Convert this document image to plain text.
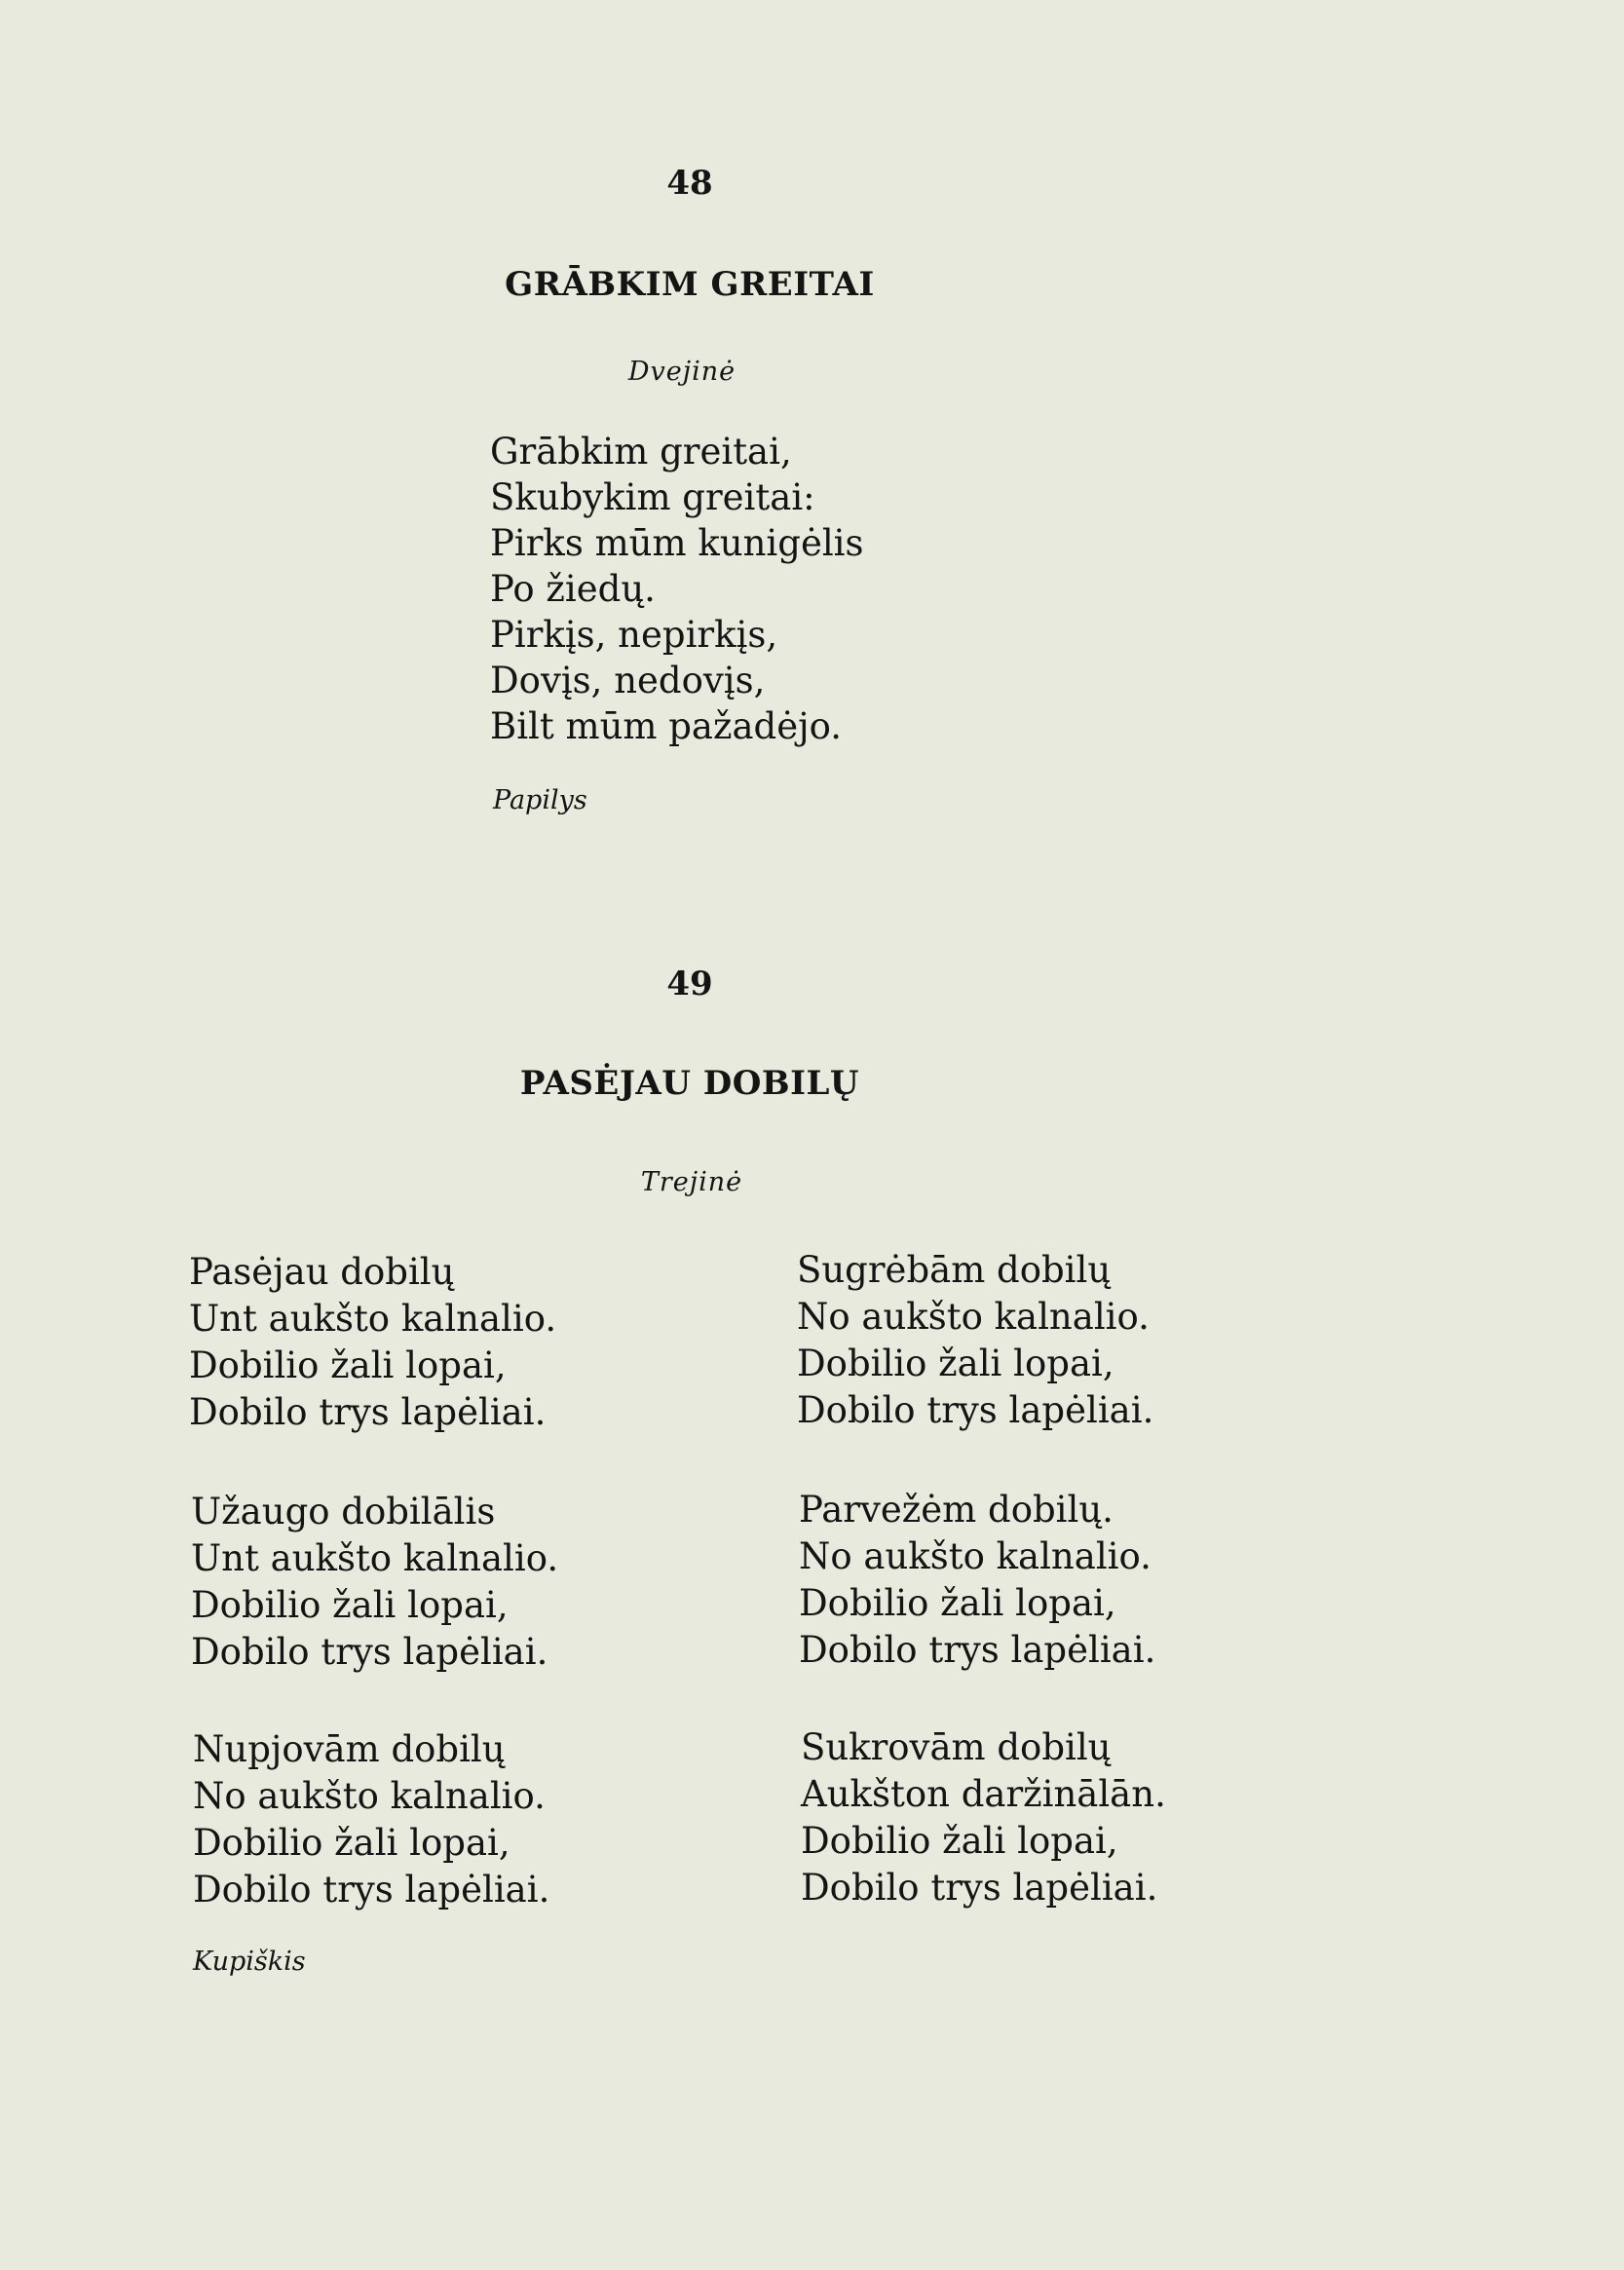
48
GRĀBKIM GREITAI
Dvejinė
Grābkim greitai,
Skubykim greitai:
Pirks mūm kunigėlis
Po žiedų.
Pirkįs, nepirkįs,
Dovįs, nedovįs,
Bilt mūm pažadėjo.
Papilys
49
PASĖJAU DOBILŲ
Trejinė
Pasėjau dobilų
Unt aukšto kalnalio.
Dobilio žali lopai,
Dobilo trys lapėliai.
Užaugo dobilālis
Unt aukšto kalnalio.
Dobilio žali lopai,
Dobilo trys lapėliai.
Nupjovām dobilų
No aukšto kalnalio.
Dobilio žali lopai,
Dobilo trys lapėliai.
Sugrėbām dobilų
No aukšto kalnalio.
Dobilio žali lopai,
Dobilo trys lapėliai.
Parvežėm dobilų.
No aukšto kalnalio.
Dobilio žali lopai,
Dobilo trys lapėliai.
Sukrovām dobilų
Aukšton daržinālān.
Dobilio žali lopai,
Dobilo trys lapėliai.
Kupiškis
